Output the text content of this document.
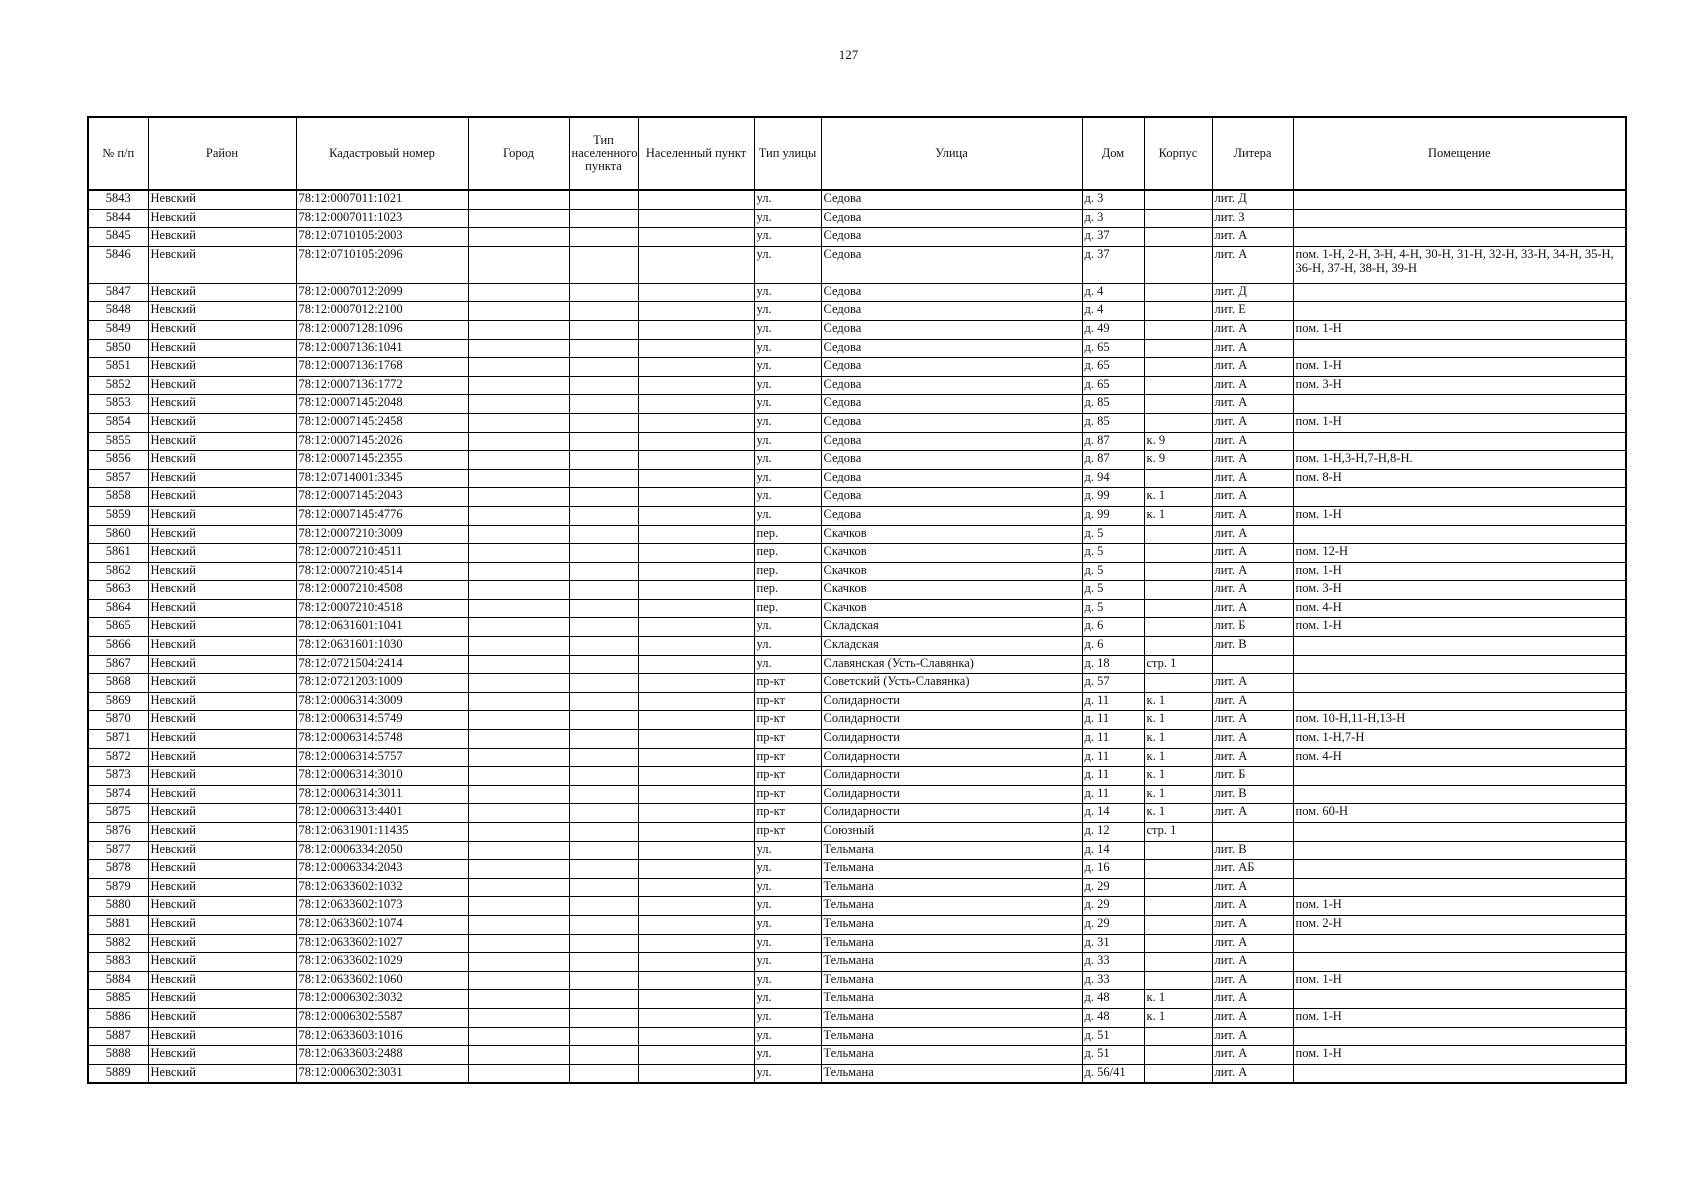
127
№ п/п	Район	Кадастровый номер	Город	Тип населенного пункта	Населенный пункт	Тип улицы	Улица	Дом	Корпус	Литера	Помещение
5843	Невский	78:12:0007011:1021				ул.	Седова	д. 3		лит. Д	
5844	Невский	78:12:0007011:1023				ул.	Седова	д. 3		лит. З	
5845	Невский	78:12:0710105:2003				ул.	Седова	д. 37		лит. А	
5846	Невский	78:12:0710105:2096				ул.	Седова	д. 37		лит. А	пом. 1-Н, 2-Н, 3-Н, 4-Н, 30-Н, 31-Н, 32-Н, 33-Н, 34-Н, 35-Н, 36-Н, 37-Н, 38-Н, 39-Н
5847	Невский	78:12:0007012:2099				ул.	Седова	д. 4		лит. Д	
5848	Невский	78:12:0007012:2100				ул.	Седова	д. 4		лит. Е	
5849	Невский	78:12:0007128:1096				ул.	Седова	д. 49		лит. А	пом. 1-Н
5850	Невский	78:12:0007136:1041				ул.	Седова	д. 65		лит. А	
5851	Невский	78:12:0007136:1768				ул.	Седова	д. 65		лит. А	пом. 1-Н
5852	Невский	78:12:0007136:1772				ул.	Седова	д. 65		лит. А	пом. 3-Н
5853	Невский	78:12:0007145:2048				ул.	Седова	д. 85		лит. А	
5854	Невский	78:12:0007145:2458				ул.	Седова	д. 85		лит. А	пом. 1-Н
5855	Невский	78:12:0007145:2026				ул.	Седова	д. 87	к. 9	лит. А	
5856	Невский	78:12:0007145:2355				ул.	Седова	д. 87	к. 9	лит. А	пом. 1-Н,3-Н,7-Н,8-Н.
5857	Невский	78:12:0714001:3345				ул.	Седова	д. 94		лит. А	пом. 8-Н
5858	Невский	78:12:0007145:2043				ул.	Седова	д. 99	к. 1	лит. А	
5859	Невский	78:12:0007145:4776				ул.	Седова	д. 99	к. 1	лит. А	пом. 1-Н
5860	Невский	78:12:0007210:3009				пер.	Скачков	д. 5		лит. А	
5861	Невский	78:12:0007210:4511				пер.	Скачков	д. 5		лит. А	пом. 12-Н
5862	Невский	78:12:0007210:4514				пер.	Скачков	д. 5		лит. А	пом. 1-Н
5863	Невский	78:12:0007210:4508				пер.	Скачков	д. 5		лит. А	пом. 3-Н
5864	Невский	78:12:0007210:4518				пер.	Скачков	д. 5		лит. А	пом. 4-Н
5865	Невский	78:12:0631601:1041				ул.	Складская	д. 6		лит. Б	пом. 1-Н
5866	Невский	78:12:0631601:1030				ул.	Складская	д. 6		лит. В	
5867	Невский	78:12:0721504:2414				ул.	Славянская (Усть-Славянка)	д. 18	стр. 1		
5868	Невский	78:12:0721203:1009				пр-кт	Советский (Усть-Славянка)	д. 57		лит. А	
5869	Невский	78:12:0006314:3009				пр-кт	Солидарности	д. 11	к. 1	лит. А	
5870	Невский	78:12:0006314:5749				пр-кт	Солидарности	д. 11	к. 1	лит. А	пом. 10-Н,11-Н,13-Н
5871	Невский	78:12:0006314:5748				пр-кт	Солидарности	д. 11	к. 1	лит. А	пом. 1-Н,7-Н
5872	Невский	78:12:0006314:5757				пр-кт	Солидарности	д. 11	к. 1	лит. А	пом. 4-Н
5873	Невский	78:12:0006314:3010				пр-кт	Солидарности	д. 11	к. 1	лит. Б	
5874	Невский	78:12:0006314:3011				пр-кт	Солидарности	д. 11	к. 1	лит. В	
5875	Невский	78:12:0006313:4401				пр-кт	Солидарности	д. 14	к. 1	лит. А	пом. 60-Н
5876	Невский	78:12:0631901:11435				пр-кт	Союзный	д. 12	стр. 1		
5877	Невский	78:12:0006334:2050				ул.	Тельмана	д. 14		лит. В	
5878	Невский	78:12:0006334:2043				ул.	Тельмана	д. 16		лит. АБ	
5879	Невский	78:12:0633602:1032				ул.	Тельмана	д. 29		лит. А	
5880	Невский	78:12:0633602:1073				ул.	Тельмана	д. 29		лит. А	пом. 1-Н
5881	Невский	78:12:0633602:1074				ул.	Тельмана	д. 29		лит. А	пом. 2-Н
5882	Невский	78:12:0633602:1027				ул.	Тельмана	д. 31		лит. А	
5883	Невский	78:12:0633602:1029				ул.	Тельмана	д. 33		лит. А	
5884	Невский	78:12:0633602:1060				ул.	Тельмана	д. 33		лит. А	пом. 1-Н
5885	Невский	78:12:0006302:3032				ул.	Тельмана	д. 48	к. 1	лит. А	
5886	Невский	78:12:0006302:5587				ул.	Тельмана	д. 48	к. 1	лит. А	пом. 1-Н
5887	Невский	78:12:0633603:1016				ул.	Тельмана	д. 51		лит. А	
5888	Невский	78:12:0633603:2488				ул.	Тельмана	д. 51		лит. А	пом. 1-Н
5889	Невский	78:12:0006302:3031				ул.	Тельмана	д. 56/41		лит. А	
